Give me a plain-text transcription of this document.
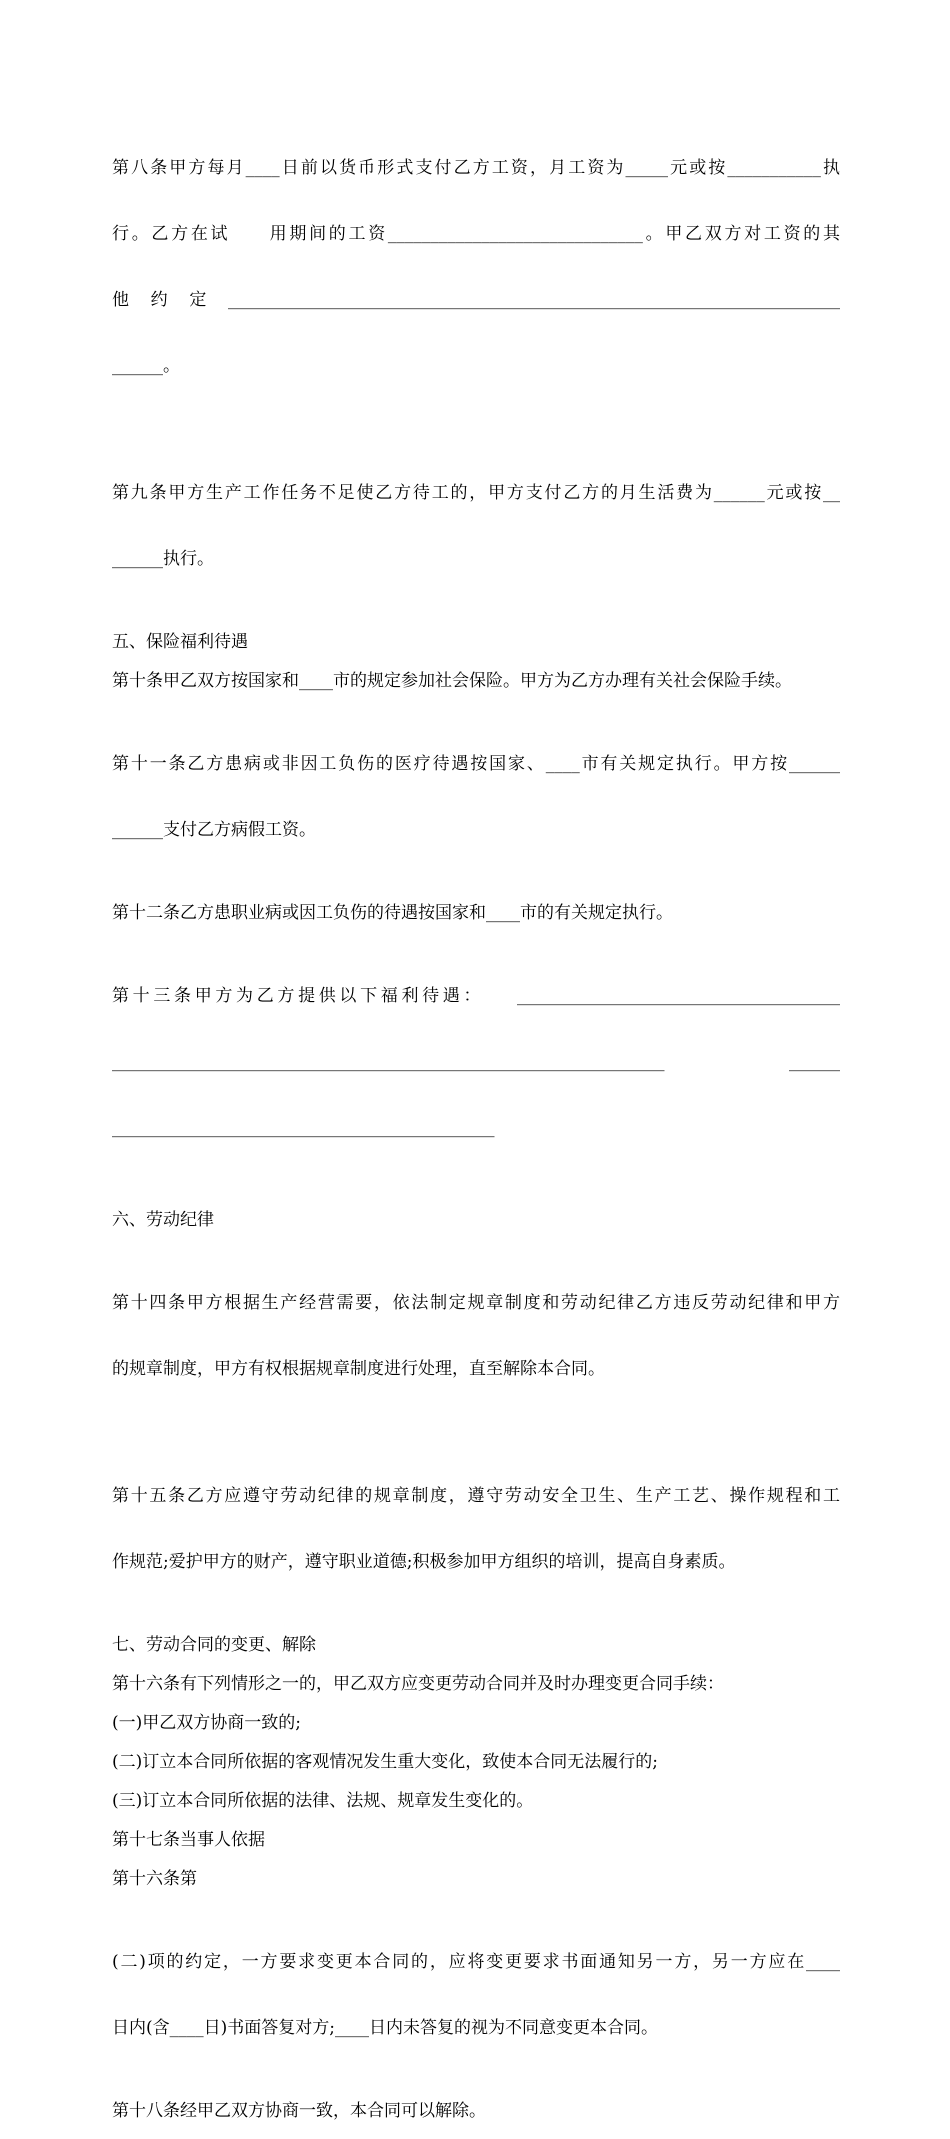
第八条甲方每月____日前以货币形式支付乙方工资，月工资为_____元或按___________执

行。乙方在试　　用期间的工资______________________________。甲乙双方对工资的其

他约定________________________________________________________________________

______。

第九条甲方生产工作任务不足使乙方待工的，甲方支付乙方的月生活费为______元或按__

______执行。

五、保险福利待遇
第十条甲乙双方按国家和____市的规定参加社会保险。甲方为乙方办理有关社会保险手续。

第十一条乙方患病或非因工负伤的医疗待遇按国家、____市有关规定执行。甲方按______

______支付乙方病假工资。

第十二条乙方患职业病或因工负伤的待遇按国家和____市的有关规定执行。

第十三条甲方为乙方提供以下福利待遇：　　______________________________________

_________________________________________________________________　　______

_____________________________________________

六、劳动纪律

第十四条甲方根据生产经营需要，依法制定规章制度和劳动纪律乙方违反劳动纪律和甲方

的规章制度，甲方有权根据规章制度进行处理，直至解除本合同。

第十五条乙方应遵守劳动纪律的规章制度，遵守劳动安全卫生、生产工艺、操作规程和工

作规范;爱护甲方的财产，遵守职业道德;积极参加甲方组织的培训，提高自身素质。

七、劳动合同的变更、解除
第十六条有下列情形之一的，甲乙双方应变更劳动合同并及时办理变更合同手续：
(一)甲乙双方协商一致的;
(二)订立本合同所依据的客观情况发生重大变化，致使本合同无法履行的;
(三)订立本合同所依据的法律、法规、规章发生变化的。
第十七条当事人依据
第十六条第

(二)项的约定，一方要求变更本合同的，应将变更要求书面通知另一方，另一方应在____

日内(含____日)书面答复对方;____日内未答复的视为不同意变更本合同。

第十八条经甲乙双方协商一致，本合同可以解除。
